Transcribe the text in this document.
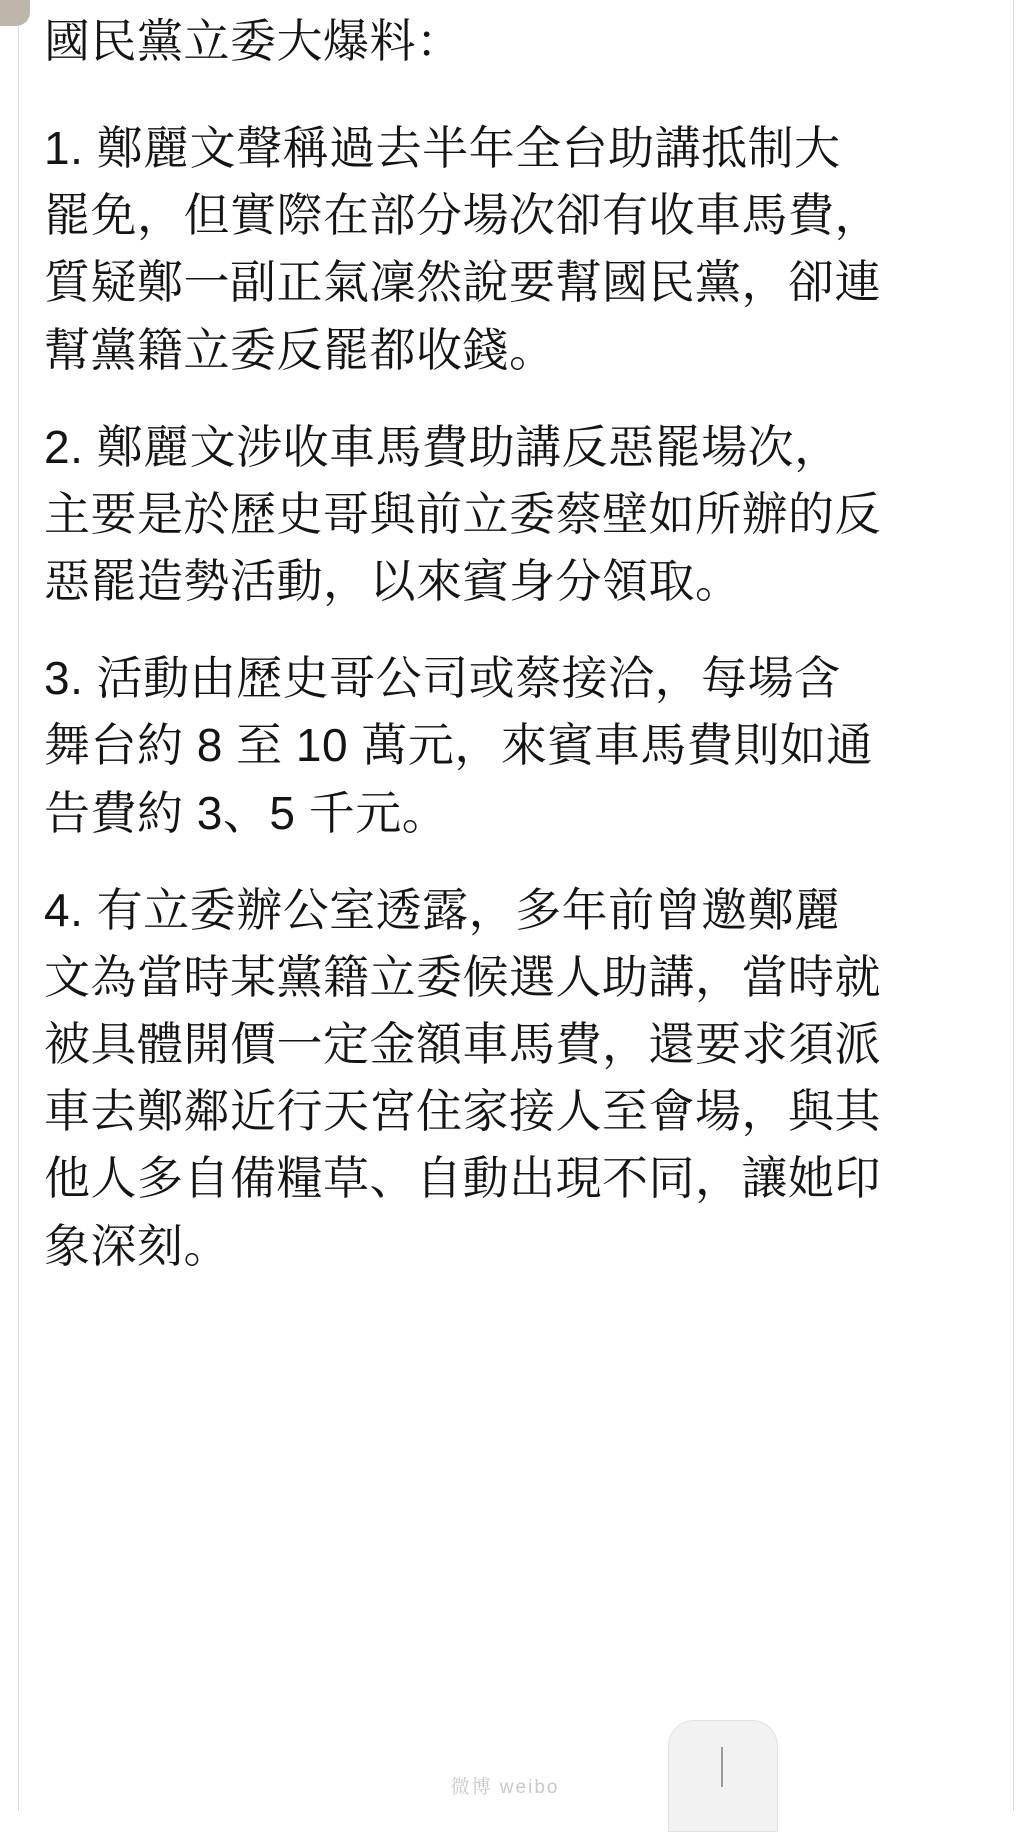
國民黨立委大爆料：

1. 鄭麗文聲稱過去半年全台助講抵制大罷免，但實際在部分場次卻有收車馬費，質疑鄭一副正氣凜然說要幫國民黨，卻連幫黨籍立委反罷都收錢。

2. 鄭麗文涉收車馬費助講反惡罷場次，主要是於歷史哥與前立委蔡壁如所辦的反惡罷造勢活動，以來賓身分領取。

3. 活動由歷史哥公司或蔡接洽，每場含舞台約 8 至 10 萬元，來賓車馬費則如通告費約 3、5 千元。

4. 有立委辦公室透露，多年前曾邀鄭麗文為當時某黨籍立委候選人助講，當時就被具體開價一定金額車馬費，還要求須派車去鄭鄰近行天宮住家接人至會場，與其他人多自備糧草、自動出現不同，讓她印象深刻。

微博 weibo
